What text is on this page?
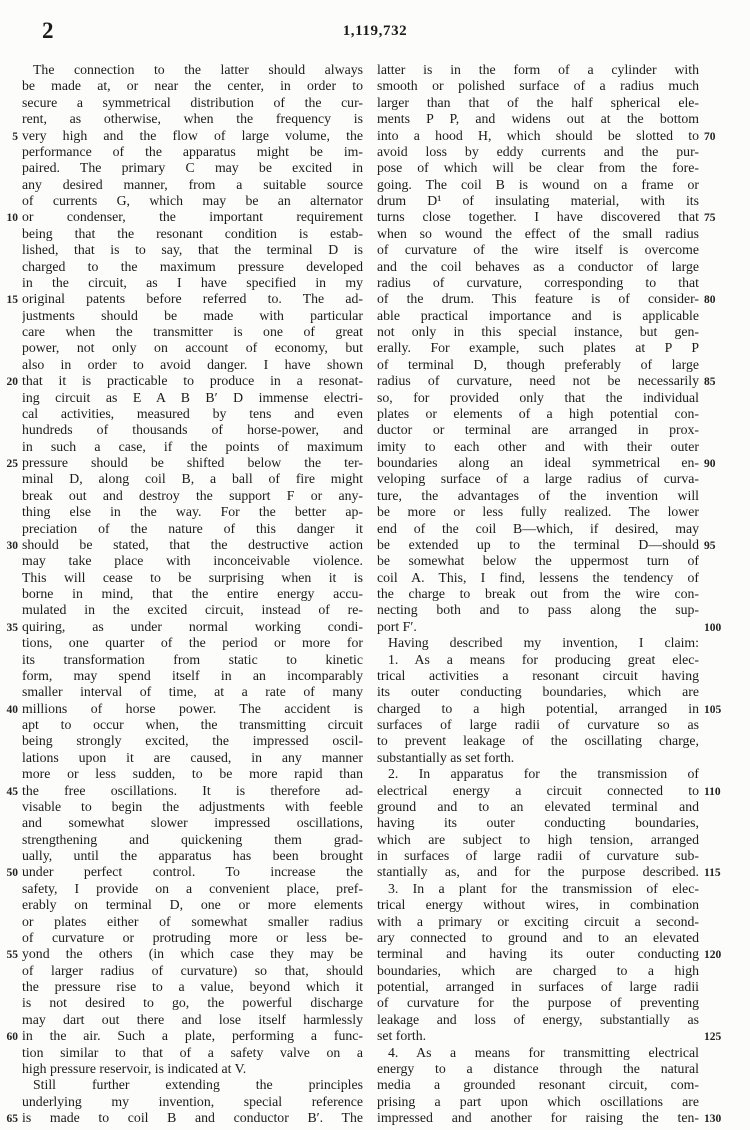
2	1,119,732
The connection to the latter should always
be made at, or near the center, in order to
secure a symmetrical distribution of the cur-
rent, as otherwise, when the frequency is
5 very high and the flow of large volume, the
performance of the apparatus might be im-
paired. The primary C may be excited in
any desired manner, from a suitable source
of currents G, which may be an alternator
10 or condenser, the important requirement
being that the resonant condition is estab-
lished, that is to say, that the terminal D is
charged to the maximum pressure developed
in the circuit, as I have specified in my
15 original patents before referred to. The ad-
justments should be made with particular
care when the transmitter is one of great
power, not only on account of economy, but
also in order to avoid danger. I have shown
20 that it is practicable to produce in a resonat-
ing circuit as E A B B′ D immense electri-
cal activities, measured by tens and even
hundreds of thousands of horse-power, and
in such a case, if the points of maximum
25 pressure should be shifted below the ter-
minal D, along coil B, a ball of fire might
break out and destroy the support F or any-
thing else in the way. For the better ap-
preciation of the nature of this danger it
30 should be stated, that the destructive action
may take place with inconceivable violence.
This will cease to be surprising when it is
borne in mind, that the entire energy accu-
mulated in the excited circuit, instead of re-
35 quiring, as under normal working condi-
tions, one quarter of the period or more for
its transformation from static to kinetic
form, may spend itself in an incomparably
smaller interval of time, at a rate of many
40 millions of horse power. The accident is
apt to occur when, the transmitting circuit
being strongly excited, the impressed oscil-
lations upon it are caused, in any manner
more or less sudden, to be more rapid than
45 the free oscillations. It is therefore ad-
visable to begin the adjustments with feeble
and somewhat slower impressed oscillations,
strengthening and quickening them grad-
ually, until the apparatus has been brought
50 under perfect control. To increase the
safety, I provide on a convenient place, pref-
erably on terminal D, one or more elements
or plates either of somewhat smaller radius
of curvature or protruding more or less be-
55 yond the others (in which case they may be
of larger radius of curvature) so that, should
the pressure rise to a value, beyond which it
is not desired to go, the powerful discharge
may dart out there and lose itself harmlessly
60 in the air. Such a plate, performing a func-
tion similar to that of a safety valve on a
high pressure reservoir, is indicated at V.
Still further extending the principles
underlying my invention, special reference
65 is made to coil B and conductor B′. The
latter is in the form of a cylinder with
smooth or polished surface of a radius much
larger than that of the half spherical ele-
ments P P, and widens out at the bottom
into a hood H, which should be slotted to 70
avoid loss by eddy currents and the pur-
pose of which will be clear from the fore-
going. The coil B is wound on a frame or
drum D¹ of insulating material, with its
turns close together. I have discovered that 75
when so wound the effect of the small radius
of curvature of the wire itself is overcome
and the coil behaves as a conductor of large
radius of curvature, corresponding to that
of the drum. This feature is of consider- 80
able practical importance and is applicable
not only in this special instance, but gen-
erally. For example, such plates at P P
of terminal D, though preferably of large
radius of curvature, need not be necessarily 85
so, for provided only that the individual
plates or elements of a high potential con-
ductor or terminal are arranged in prox-
imity to each other and with their outer
boundaries along an ideal symmetrical en- 90
veloping surface of a large radius of curva-
ture, the advantages of the invention will
be more or less fully realized. The lower
end of the coil B—which, if desired, may
be extended up to the terminal D—should 95
be somewhat below the uppermost turn of
coil A. This, I find, lessens the tendency of
the charge to break out from the wire con-
necting both and to pass along the sup-
port F′.	100
Having described my invention, I claim:
1. As a means for producing great elec-
trical activities a resonant circuit having
its outer conducting boundaries, which are
charged to a high potential, arranged in 105
surfaces of large radii of curvature so as
to prevent leakage of the oscillating charge,
substantially as set forth.
2. In apparatus for the transmission of
electrical energy a circuit connected to 110
ground and to an elevated terminal and
having its outer conducting boundaries,
which are subject to high tension, arranged
in surfaces of large radii of curvature sub-
stantially as, and for the purpose described. 115
3. In a plant for the transmission of elec-
trical energy without wires, in combination
with a primary or exciting circuit a second-
ary connected to ground and to an elevated
terminal and having its outer conducting 120
boundaries, which are charged to a high
potential, arranged in surfaces of large radii
of curvature for the purpose of preventing
leakage and loss of energy, substantially as
set forth.	125
4. As a means for transmitting electrical
energy to a distance through the natural
media a grounded resonant circuit, com-
prising a part upon which oscillations are
impressed and another for raising the ten- 130
